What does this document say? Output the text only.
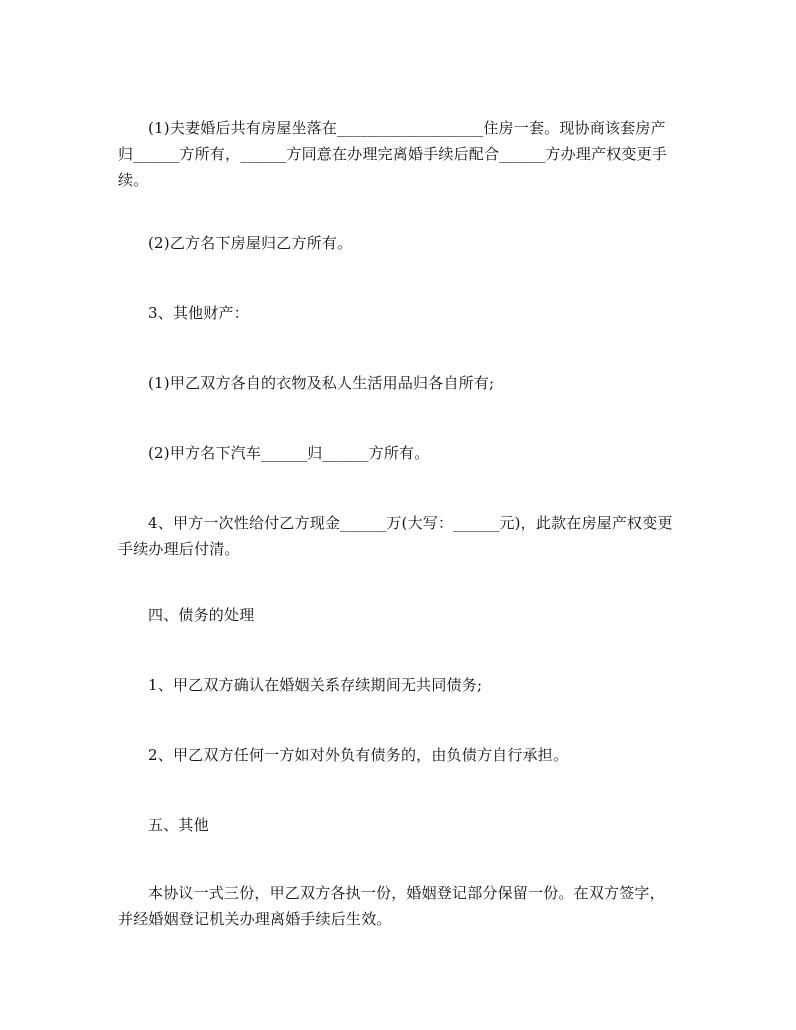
(1)夫妻婚后共有房屋坐落在___________________住房一套。现协商该套房产归______方所有，______方同意在办理完离婚手续后配合______方办理产权变更手续。

(2)乙方名下房屋归乙方所有。

3、其他财产：

(1)甲乙双方各自的衣物及私人生活用品归各自所有;

(2)甲方名下汽车______归______方所有。

4、甲方一次性给付乙方现金______万(大写：______元)，此款在房屋产权变更手续办理后付清。

四、债务的处理

1、甲乙双方确认在婚姻关系存续期间无共同债务;

2、甲乙双方任何一方如对外负有债务的，由负债方自行承担。

五、其他

本协议一式三份，甲乙双方各执一份，婚姻登记部分保留一份。在双方签字，并经婚姻登记机关办理离婚手续后生效。
